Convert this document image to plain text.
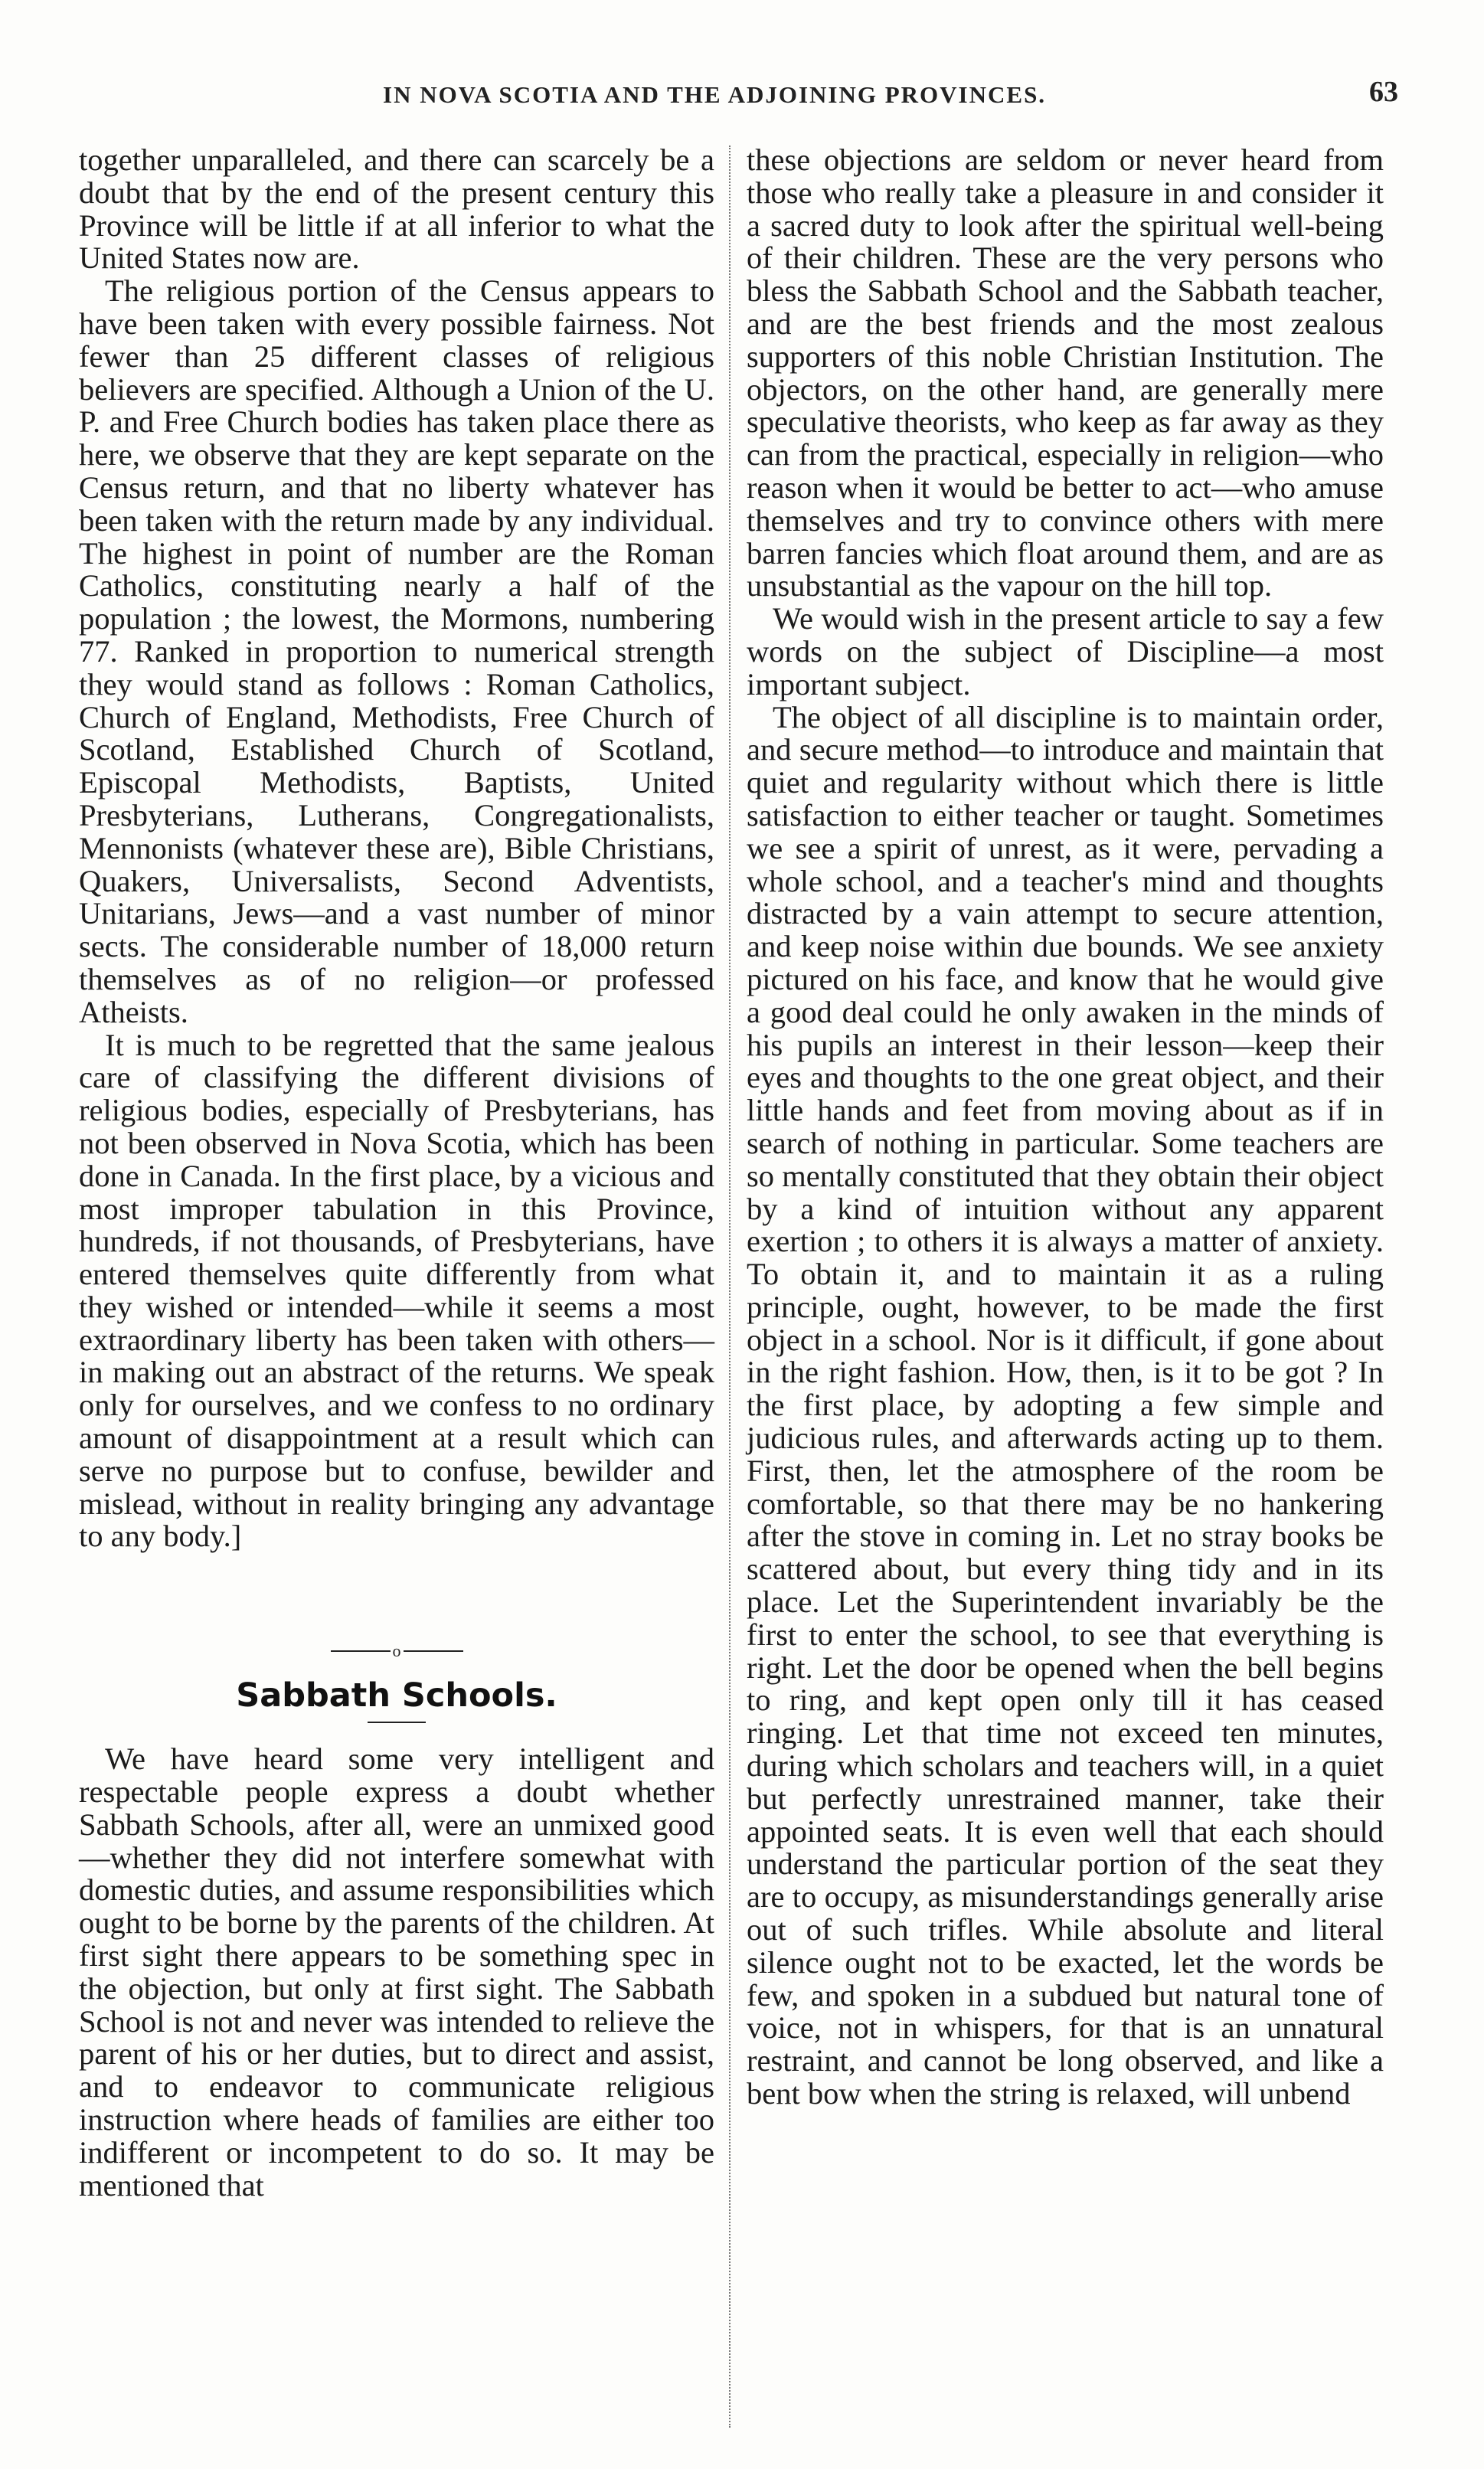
IN NOVA SCOTIA AND THE ADJOINING PROVINCES.	63

together unparalleled, and there can scarcely be a doubt that by the end of the present century this Province will be little if at all inferior to what the United States now are.

The religious portion of the Census appears to have been taken with every possible fairness. Not fewer than 25 different classes of religious believers are specified. Although a Union of the U. P. and Free Church bodies has taken place there as here, we observe that they are kept separate on the Census return, and that no liberty whatever has been taken with the return made by any individual. The highest in point of number are the Roman Catholics, constituting nearly a half of the population ; the lowest, the Mormons, numbering 77. Ranked in proportion to numerical strength they would stand as follows : Roman Catholics, Church of England, Methodists, Free Church of Scotland, Established Church of Scotland, Episcopal Methodists, Baptists, United Presbyterians, Lutherans, Congregationalists, Mennonists (whatever these are), Bible Christians, Quakers, Universalists, Second Adventists, Unitarians, Jews—and a vast number of minor sects. The considerable number of 18,000 return themselves as of no religion—or professed Atheists.

It is much to be regretted that the same jealous care of classifying the different divisions of religious bodies, especially of Presbyterians, has not been observed in Nova Scotia, which has been done in Canada. In the first place, by a vicious and most improper tabulation in this Province, hundreds, if not thousands, of Presbyterians, have entered themselves quite differently from what they wished or intended—while it seems a most extraordinary liberty has been taken with others—in making out an abstract of the returns. We speak only for ourselves, and we confess to no ordinary amount of disappointment at a result which can serve no purpose but to confuse, bewilder and mislead, without in reality bringing any advantage to any body.]

o
Sabbath Schools.

We have heard some very intelligent and respectable people express a doubt whether Sabbath Schools, after all, were an unmixed good—whether they did not interfere somewhat with domestic duties, and assume responsibilities which ought to be borne by the parents of the children. At first sight there appears to be something spec in the objection, but only at first sight. The Sabbath School is not and never was intended to relieve the parent of his or her duties, but to direct and assist, and to endeavor to communicate religious instruction where heads of families are either too indifferent or incompetent to do so. It may be mentioned that

these objections are seldom or never heard from those who really take a pleasure in and consider it a sacred duty to look after the spiritual well-being of their children. These are the very persons who bless the Sabbath School and the Sabbath teacher, and are the best friends and the most zealous supporters of this noble Christian Institution. The objectors, on the other hand, are generally mere speculative theorists, who keep as far away as they can from the practical, especially in religion—who reason when it would be better to act—who amuse themselves and try to convince others with mere barren fancies which float around them, and are as unsubstantial as the vapour on the hill top.

We would wish in the present article to say a few words on the subject of Discipline—a most important subject.

The object of all discipline is to maintain order, and secure method—to introduce and maintain that quiet and regularity without which there is little satisfaction to either teacher or taught. Sometimes we see a spirit of unrest, as it were, pervading a whole school, and a teacher's mind and thoughts distracted by a vain attempt to secure attention, and keep noise within due bounds. We see anxiety pictured on his face, and know that he would give a good deal could he only awaken in the minds of his pupils an interest in their lesson—keep their eyes and thoughts to the one great object, and their little hands and feet from moving about as if in search of nothing in particular. Some teachers are so mentally constituted that they obtain their object by a kind of intuition without any apparent exertion ; to others it is always a matter of anxiety. To obtain it, and to maintain it as a ruling principle, ought, however, to be made the first object in a school. Nor is it difficult, if gone about in the right fashion. How, then, is it to be got ? In the first place, by adopting a few simple and judicious rules, and afterwards acting up to them. First, then, let the atmosphere of the room be comfortable, so that there may be no hankering after the stove in coming in. Let no stray books be scattered about, but every thing tidy and in its place. Let the Superintendent invariably be the first to enter the school, to see that everything is right. Let the door be opened when the bell begins to ring, and kept open only till it has ceased ringing. Let that time not exceed ten minutes, during which scholars and teachers will, in a quiet but perfectly unrestrained manner, take their appointed seats. It is even well that each should understand the particular portion of the seat they are to occupy, as misunderstandings generally arise out of such trifles. While absolute and literal silence ought not to be exacted, let the words be few, and spoken in a subdued but natural tone of voice, not in whispers, for that is an unnatural restraint, and cannot be long observed, and like a bent bow when the string is relaxed, will unbend
